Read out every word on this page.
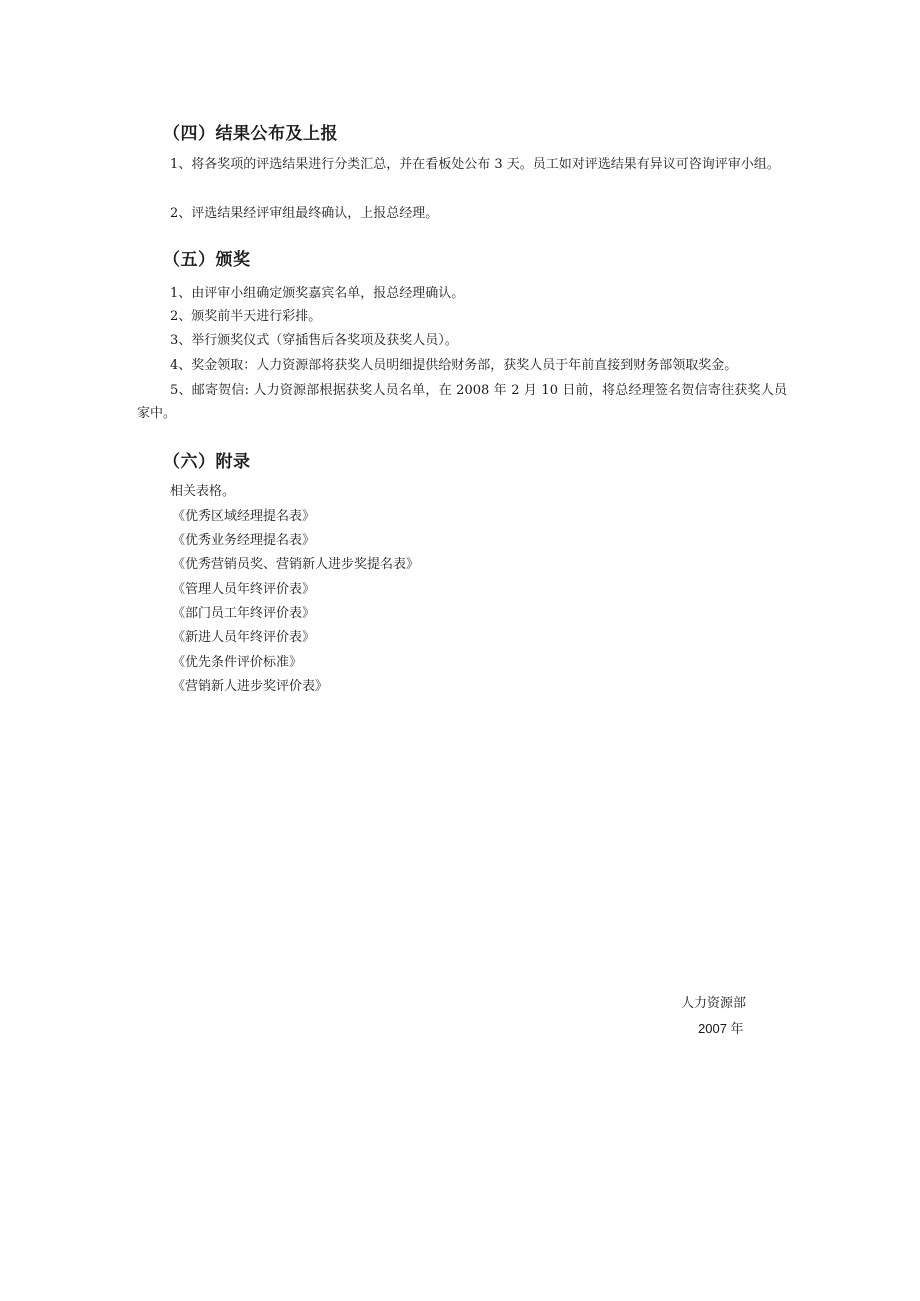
（四）结果公布及上报
1、将各奖项的评选结果进行分类汇总，并在看板处公布 3 天。员工如对评选结果有异议可咨询评审小组。
2、评选结果经评审组最终确认，上报总经理。
（五）颁奖
1、由评审小组确定颁奖嘉宾名单，报总经理确认。
2、颁奖前半天进行彩排。
3、举行颁奖仪式（穿插售后各奖项及获奖人员）。
4、奖金领取：人力资源部将获奖人员明细提供给财务部，获奖人员于年前直接到财务部领取奖金。
5、邮寄贺信: 人力资源部根据获奖人员名单，在 2008 年 2 月 10 日前，将总经理签名贺信寄往获奖人员家中。
（六）附录
相关表格。
《优秀区域经理提名表》
《优秀业务经理提名表》
《优秀营销员奖、营销新人进步奖提名表》
《管理人员年终评价表》
《部门员工年终评价表》
《新进人员年终评价表》
《优先条件评价标准》
《营销新人进步奖评价表》
人力资源部
2007 年
